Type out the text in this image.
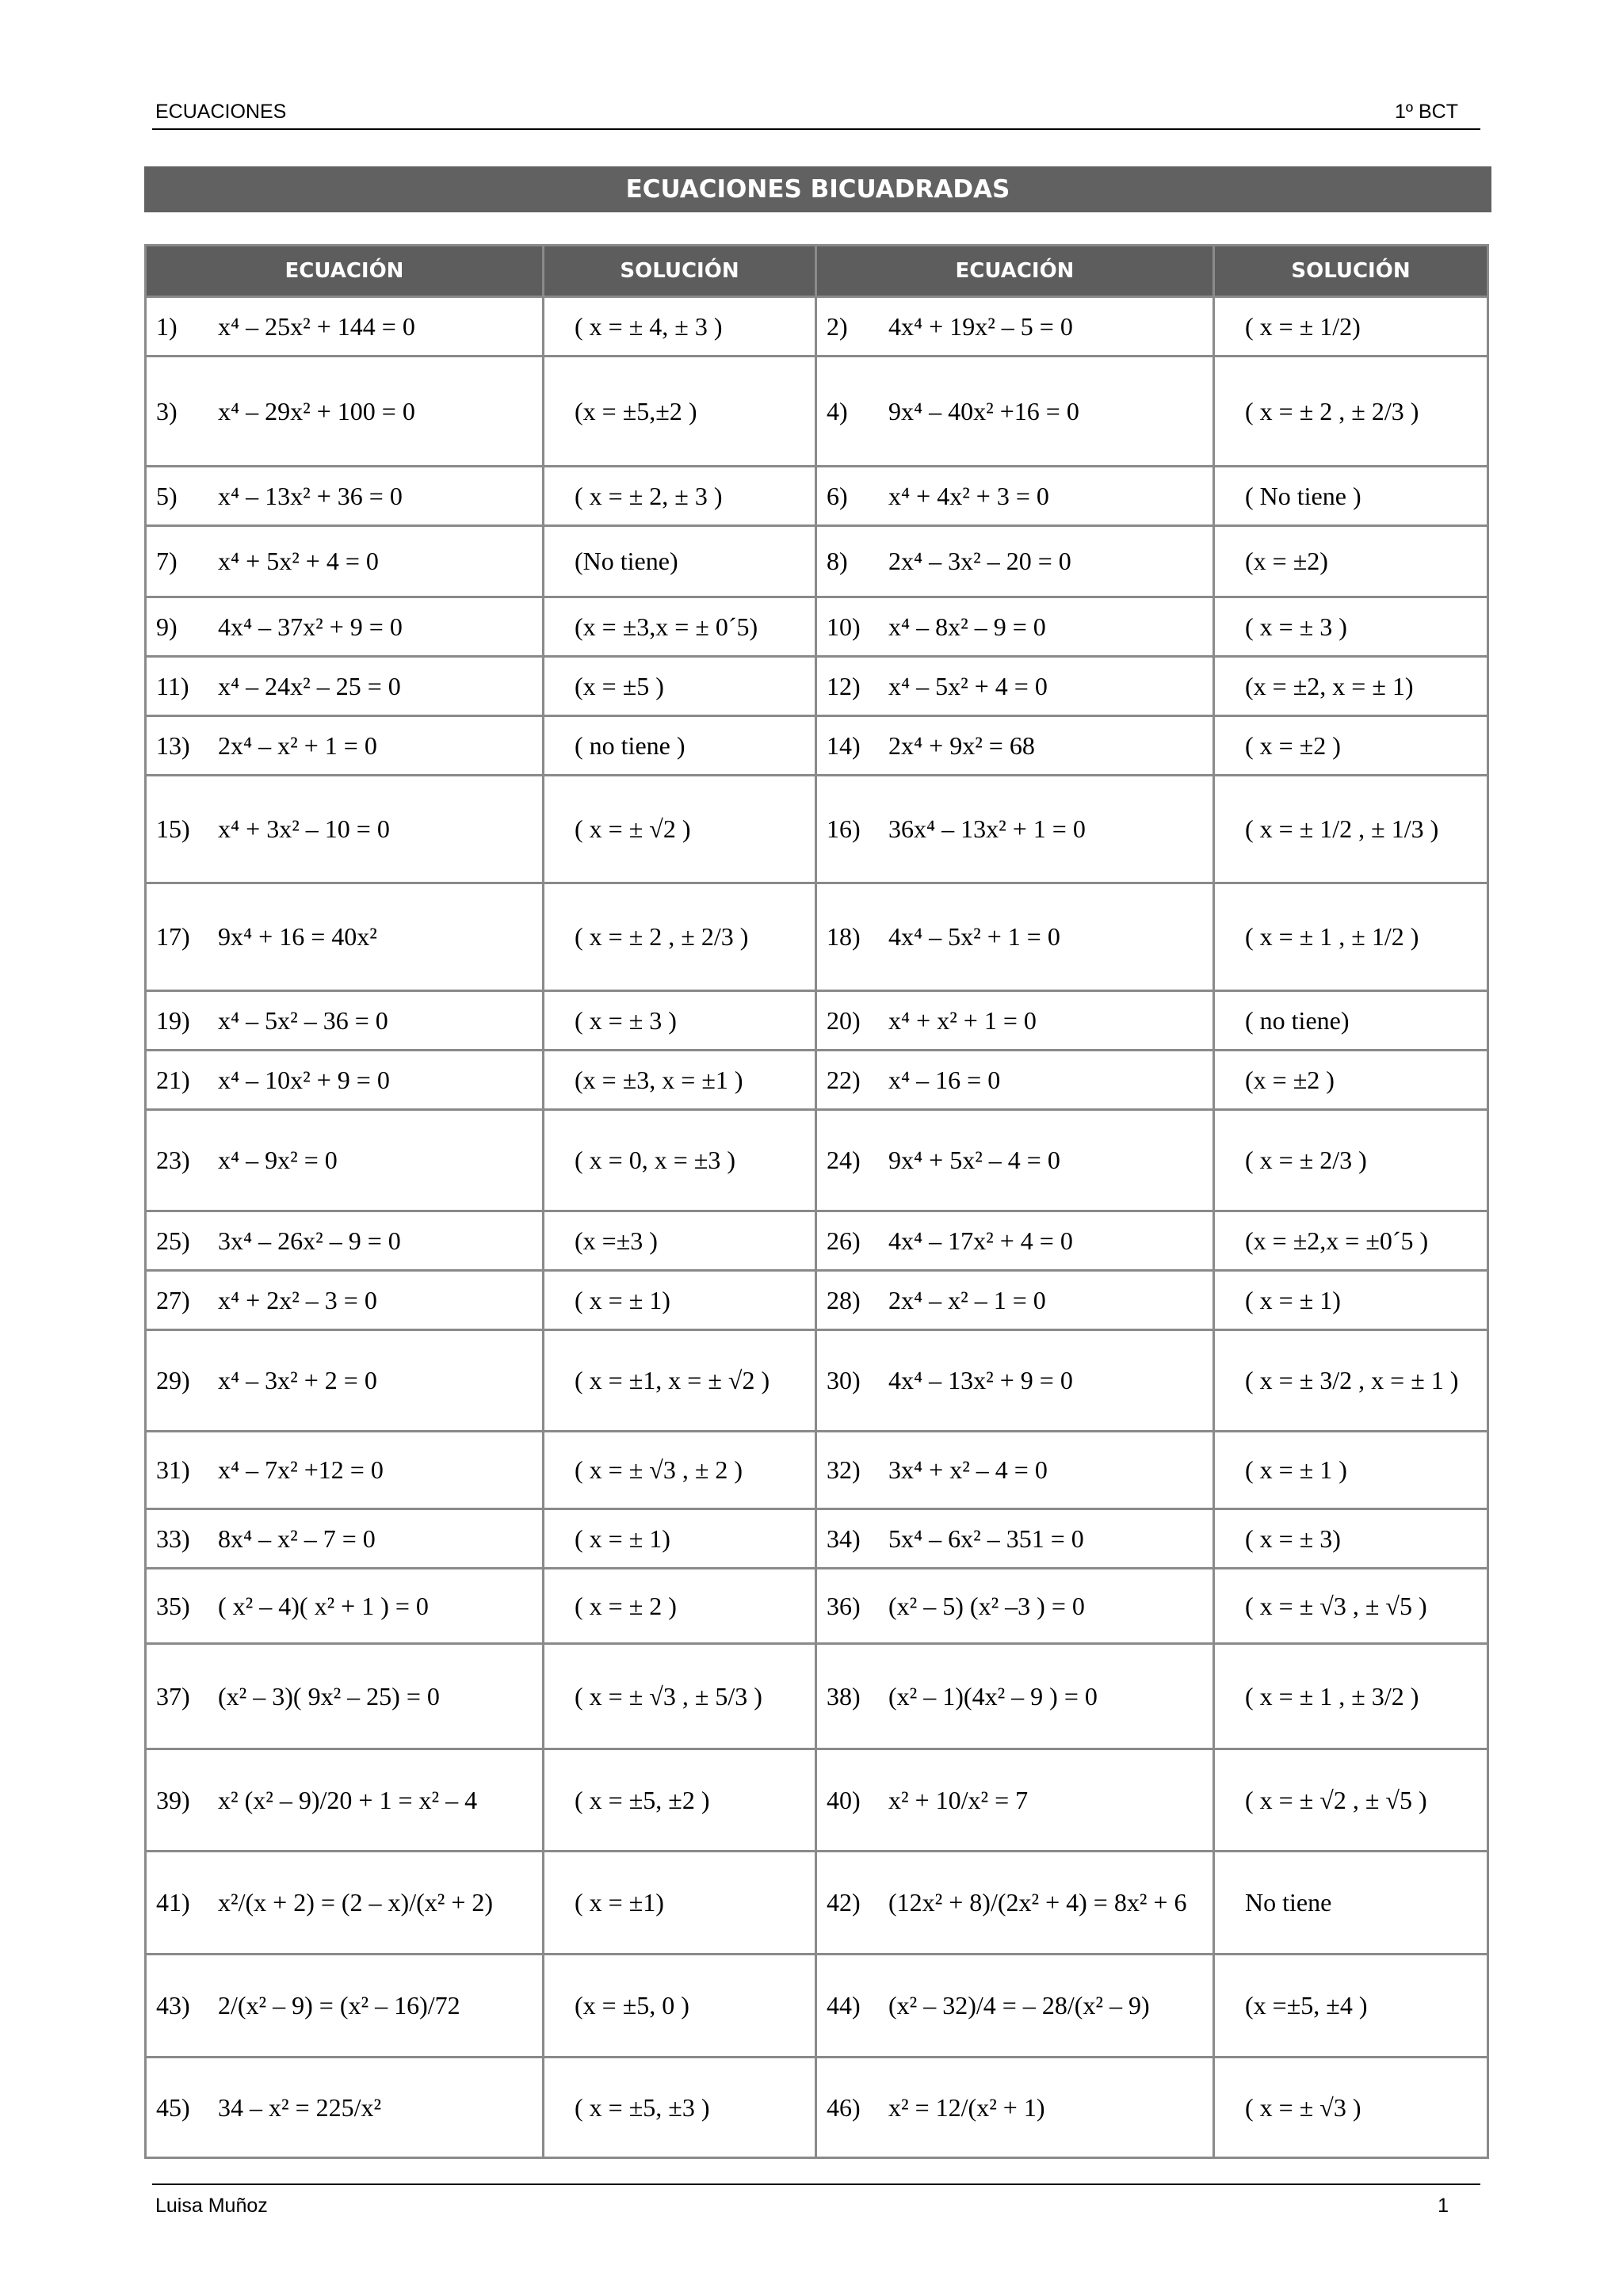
ECUACIONES	1º BCT
ECUACIONES BICUADRADAS
ECUACIÓN	SOLUCIÓN	ECUACIÓN	SOLUCIÓN
1) x⁴ – 25x² + 144 = 0	( x = ± 4, ± 3 )	2) 4x⁴ + 19x² – 5 = 0	( x = ± 1/2)
3) x⁴ – 29x² + 100 = 0	(x = ±5,±2 )	4) 9x⁴ – 40x² +16 = 0	( x = ± 2 , ± 2/3 )
5) x⁴ – 13x² + 36 = 0	( x = ± 2, ± 3 )	6) x⁴ + 4x² + 3 = 0	( No tiene )
7) x⁴ + 5x² + 4 = 0	(No tiene)	8) 2x⁴ – 3x² – 20 = 0	(x = ±2)
9) 4x⁴ – 37x² + 9 = 0	(x = ±3,x = ± 0´5)	10) x⁴ – 8x² – 9 = 0	( x = ± 3 )
11) x⁴ – 24x² – 25 = 0	(x = ±5 )	12) x⁴ – 5x² + 4 = 0	(x = ±2, x = ± 1)
13) 2x⁴ – x² + 1 = 0	( no tiene )	14) 2x⁴ + 9x² = 68	( x = ±2 )
15) x⁴ + 3x² – 10 = 0	( x = ± √2 )	16) 36x⁴ – 13x² + 1 = 0	( x = ± 1/2 , ± 1/3 )
17) 9x⁴ + 16 = 40x²	( x = ± 2 , ± 2/3 )	18) 4x⁴ – 5x² + 1 = 0	( x = ± 1 , ± 1/2 )
19) x⁴ – 5x² – 36 = 0	( x = ± 3 )	20) x⁴ + x² + 1 = 0	( no tiene)
21) x⁴ – 10x² + 9 = 0	(x = ±3, x = ±1 )	22) x⁴ – 16 = 0	(x = ±2 )
23) x⁴ – 9x² = 0	( x = 0, x = ±3 )	24) 9x⁴ + 5x² – 4 = 0	( x = ± 2/3 )
25) 3x⁴ – 26x² – 9 = 0	(x =±3 )	26) 4x⁴ – 17x² + 4 = 0	(x = ±2,x = ±0´5 )
27) x⁴ + 2x² – 3 = 0	( x = ± 1)	28) 2x⁴ – x² – 1 = 0	( x = ± 1)
29) x⁴ – 3x² + 2 = 0	( x = ±1, x = ± √2 )	30) 4x⁴ – 13x² + 9 = 0	( x = ± 3/2 , x = ± 1 )
31) x⁴ – 7x² +12 = 0	( x = ± √3 , ± 2 )	32) 3x⁴ + x² – 4 = 0	( x = ± 1 )
33) 8x⁴ – x² – 7 = 0	( x = ± 1)	34) 5x⁴ – 6x² – 351 = 0	( x = ± 3)
35) ( x² – 4)( x² + 1 ) = 0	( x = ± 2 )	36) (x² – 5) (x² –3 ) = 0	( x = ± √3 , ± √5 )
37) (x² – 3)( 9x² – 25) = 0	( x = ± √3 , ± 5/3 )	38) (x² – 1)(4x² – 9 ) = 0	( x = ± 1 , ± 3/2 )
39) x² (x² – 9)/20 + 1 = x² – 4	( x = ±5, ±2 )	40) x² + 10/x² = 7	( x = ± √2 , ± √5 )
41) x²/(x + 2) = (2 – x)/(x² + 2)	( x = ±1)	42) (12x² + 8)/(2x² + 4) = 8x² + 6	No tiene
43) 2/(x² – 9) = (x² – 16)/72	(x = ±5, 0 )	44) (x² – 32)/4 = – 28/(x² – 9)	(x =±5, ±4 )
45) 34 – x² = 225/x²	( x = ±5, ±3 )	46) x² = 12/(x² + 1)	( x = ± √3 )
Luisa Muñoz	1
